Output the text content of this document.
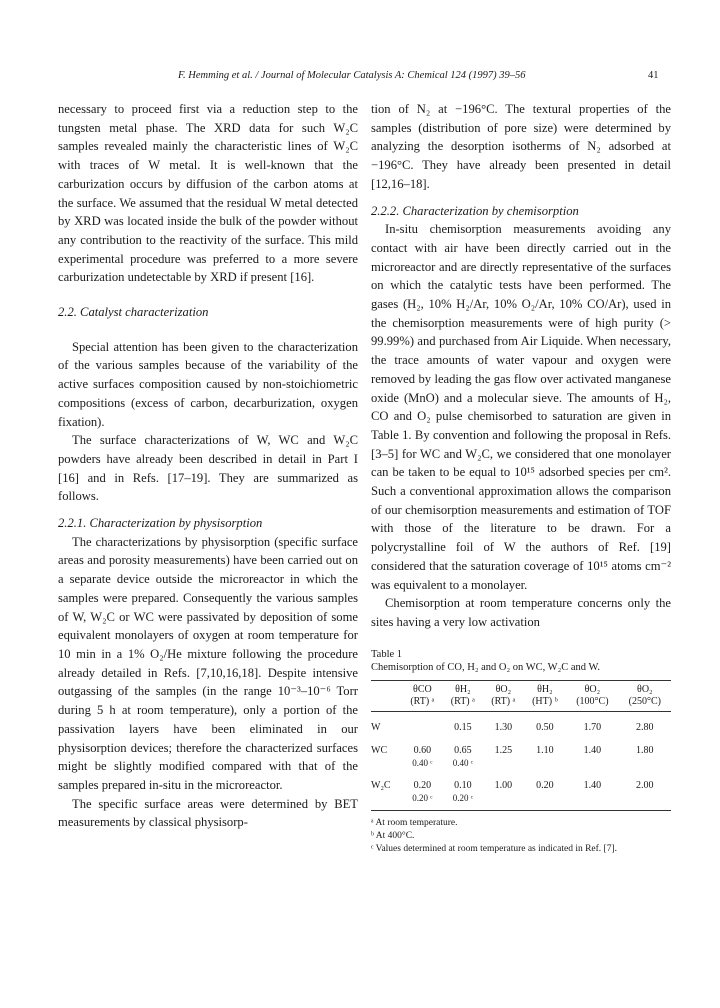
F. Hemming et al. / Journal of Molecular Catalysis A: Chemical 124 (1997) 39–56	41

necessary to proceed first via a reduction step to the tungsten metal phase. The XRD data for such W₂C samples revealed mainly the characteristic lines of W₂C with traces of W metal. It is well-known that the carburization occurs by diffusion of the carbon atoms at the surface. We assumed that the residual W metal detected by XRD was located inside the bulk of the powder without any contribution to the reactivity of the surface. This mild experimental procedure was preferred to a more severe carburization undetectable by XRD if present [16].

2.2. Catalyst characterization

Special attention has been given to the characterization of the various samples because of the variability of the active surfaces composition caused by non-stoichiometric compositions (excess of carbon, decarburization, oxygen fixation).

The surface characterizations of W, WC and W₂C powders have already been described in detail in Part I [16] and in Refs. [17–19]. They are summarized as follows.

2.2.1. Characterization by physisorption

The characterizations by physisorption (specific surface areas and porosity measurements) have been carried out on a separate device outside the microreactor in which the samples were prepared. Consequently the various samples of W, W₂C or WC were passivated by deposition of some equivalent monolayers of oxygen at room temperature for 10 min in a 1% O₂/He mixture following the procedure already detailed in Refs. [7,10,16,18]. Despite intensive outgassing of the samples (in the range 10⁻³–10⁻⁶ Torr during 5 h at room temperature), only a portion of the passivation layers have been eliminated in our physisorption devices; therefore the characterized surfaces might be slightly modified compared with that of the samples prepared in-situ in the microreactor.

The specific surface areas were determined by BET measurements by classical physisorp-

tion of N₂ at −196°C. The textural properties of the samples (distribution of pore size) were determined by analyzing the desorption isotherms of N₂ adsorbed at −196°C. They have already been presented in detail [12,16–18].

2.2.2. Characterization by chemisorption

In-situ chemisorption measurements avoiding any contact with air have been directly carried out in the microreactor and are directly representative of the surfaces on which the catalytic tests have been performed. The gases (H₂, 10% H₂/Ar, 10% O₂/Ar, 10% CO/Ar), used in the chemisorption measurements were of high purity (> 99.99%) and purchased from Air Liquide. When necessary, the trace amounts of water vapour and oxygen were removed by leading the gas flow over activated manganese oxide (MnO) and a molecular sieve. The amounts of H₂, CO and O₂ pulse chemisorbed to saturation are given in Table 1. By convention and following the proposal in Refs. [3–5] for WC and W₂C, we considered that one monolayer can be taken to be equal to 10¹⁵ adsorbed species per cm². Such a conventional approximation allows the comparison of our chemisorption measurements and estimation of TOF with those of the literature to be drawn. For a polycrystalline foil of W the authors of Ref. [19] considered that the saturation coverage of 10¹⁵ atoms cm⁻² was equivalent to a monolayer.

Chemisorption at room temperature concerns only the sites having a very low activation

Table 1
Chemisorption of CO, H₂ and O₂ on WC, W₂C and W.
	θCO	θH₂	θO₂	θH₂	θO₂	θO₂
	(RT) ᵃ	(RT) ᵃ	(RT) ᵃ	(HT) ᵇ	(100°C)	(250°C)
W		0.15	1.30	0.50	1.70	2.80

WC	0.60
0.40 ᶜ	0.65
0.40 ᶜ	1.25	1.10	1.40	1.80

W₂C	0.20
0.20 ᶜ	0.10
0.20 ᶜ	1.00	0.20	1.40	2.00
ᵃ At room temperature.
ᵇ At 400°C.
ᶜ Values determined at room temperature as indicated in Ref. [7].
